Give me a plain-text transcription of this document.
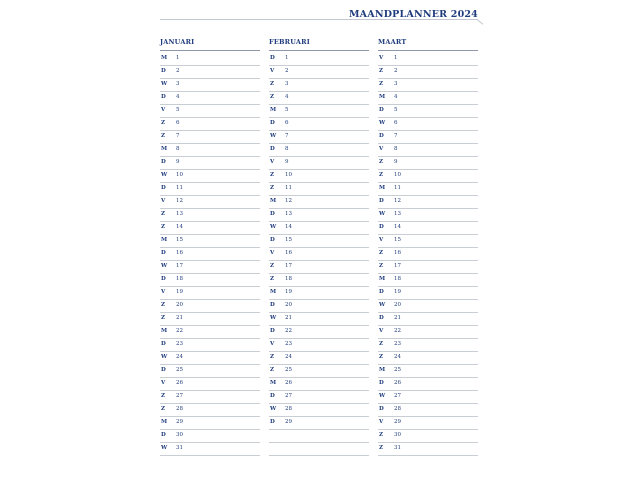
MAANDPLANNER 2024
JANUARI
M 1
D 2
W 3
D 4
V 5
Z 6
Z 7
M 8
D 9
W 10
D 11
V 12
Z 13
Z 14
M 15
D 16
W 17
D 18
V 19
Z 20
Z 21
M 22
D 23
W 24
D 25
V 26
Z 27
Z 28
M 29
D 30
W 31
FEBRUARI
D 1
V 2
Z 3
Z 4
M 5
D 6
W 7
D 8
V 9
Z 10
Z 11
M 12
D 13
W 14
D 15
V 16
Z 17
Z 18
M 19
D 20
W 21
D 22
V 23
Z 24
Z 25
M 26
D 27
W 28
D 29
MAART
V 1
Z 2
Z 3
M 4
D 5
W 6
D 7
V 8
Z 9
Z 10
M 11
D 12
W 13
D 14
V 15
Z 16
Z 17
M 18
D 19
W 20
D 21
V 22
Z 23
Z 24
M 25
D 26
W 27
D 28
V 29
Z 30
Z 31
